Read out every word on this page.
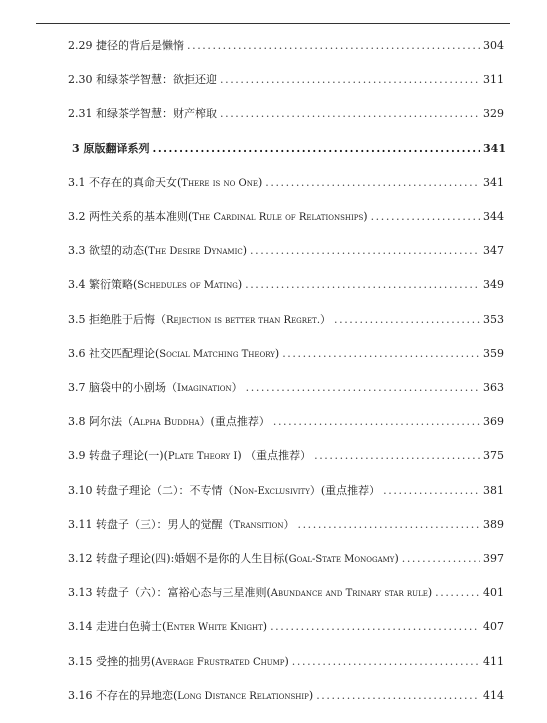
2.29 捷径的背后是懒惰 .....	304
2.30 和绿茶学智慧：欲拒还迎 .....	311
2.31 和绿茶学智慧：财产榨取 .....	329
3 原版翻译系列 .....	341
3.1 不存在的真命天女(There is no One) .....	341
3.2 两性关系的基本准则(The Cardinal Rule of Relationships) .....	344
3.3 欲望的动态(The Desire Dynamic) .....	347
3.4 繁衍策略(Schedules of Mating) .....	349
3.5 拒绝胜于后悔（Rejection is better than Regret.） .....	353
3.6 社交匹配理论(Social Matching Theory) .....	359
3.7 脑袋中的小剧场（Imagination） .....	363
3.8 阿尔法（Alpha Buddha）(重点推荐） .....	369
3.9 转盘子理论(一)(Plate Theory I) （重点推荐） .....	375
3.10 转盘子理论（二）：不专情（Non-Exclusivity）(重点推荐） .....	381
3.11 转盘子（三）：男人的觉醒（Transition） .....	389
3.12 转盘子理论(四):婚姻不是你的人生目标(Goal-State Monogamy) .....	397
3.13 转盘子（六）：富裕心态与三星准则(Abundance and Trinary star rule) .....	401
3.14 走进白色骑士(Enter White Knight) .....	407
3.15 受挫的拙男(Average Frustrated Chump) .....	411
3.16 不存在的异地恋(Long Distance Relationship) .....	414
